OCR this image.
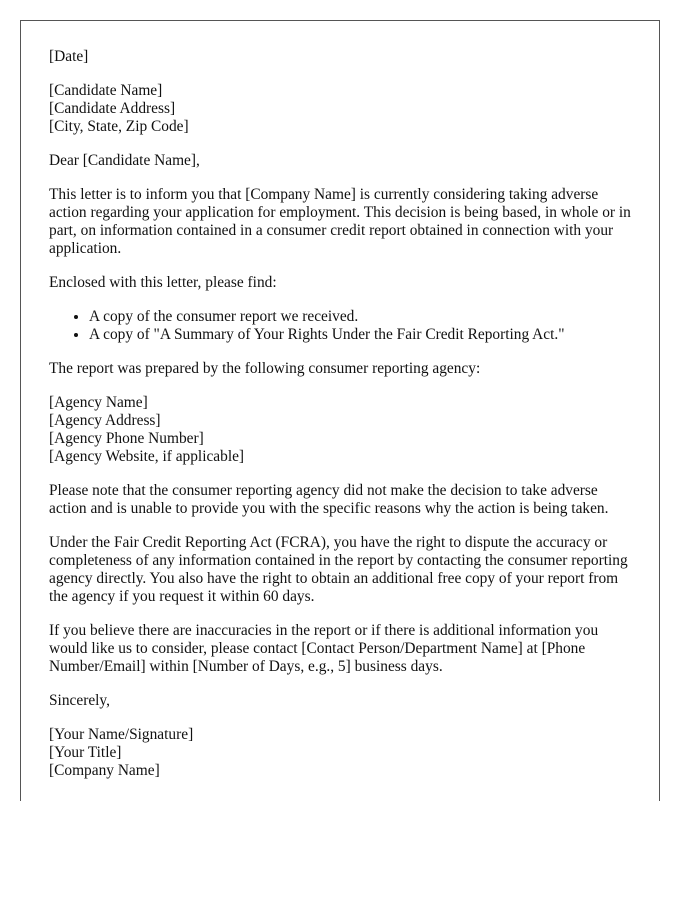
[Date]
[Candidate Name]
[Candidate Address]
[City, State, Zip Code]

Dear [Candidate Name],

This letter is to inform you that [Company Name] is currently considering taking adverse action regarding your application for employment. This decision is being based, in whole or in part, on information contained in a consumer credit report obtained in connection with your application.

Enclosed with this letter, please find:

• A copy of the consumer report we received.
• A copy of "A Summary of Your Rights Under the Fair Credit Reporting Act."

The report was prepared by the following consumer reporting agency:

[Agency Name]
[Agency Address]
[Agency Phone Number]
[Agency Website, if applicable]

Please note that the consumer reporting agency did not make the decision to take adverse action and is unable to provide you with the specific reasons why the action is being taken.

Under the Fair Credit Reporting Act (FCRA), you have the right to dispute the accuracy or completeness of any information contained in the report by contacting the consumer reporting agency directly. You also have the right to obtain an additional free copy of your report from the agency if you request it within 60 days.

If you believe there are inaccuracies in the report or if there is additional information you would like us to consider, please contact [Contact Person/Department Name] at [Phone Number/Email] within [Number of Days, e.g., 5] business days.

Sincerely,

[Your Name/Signature]
[Your Title]
[Company Name]
